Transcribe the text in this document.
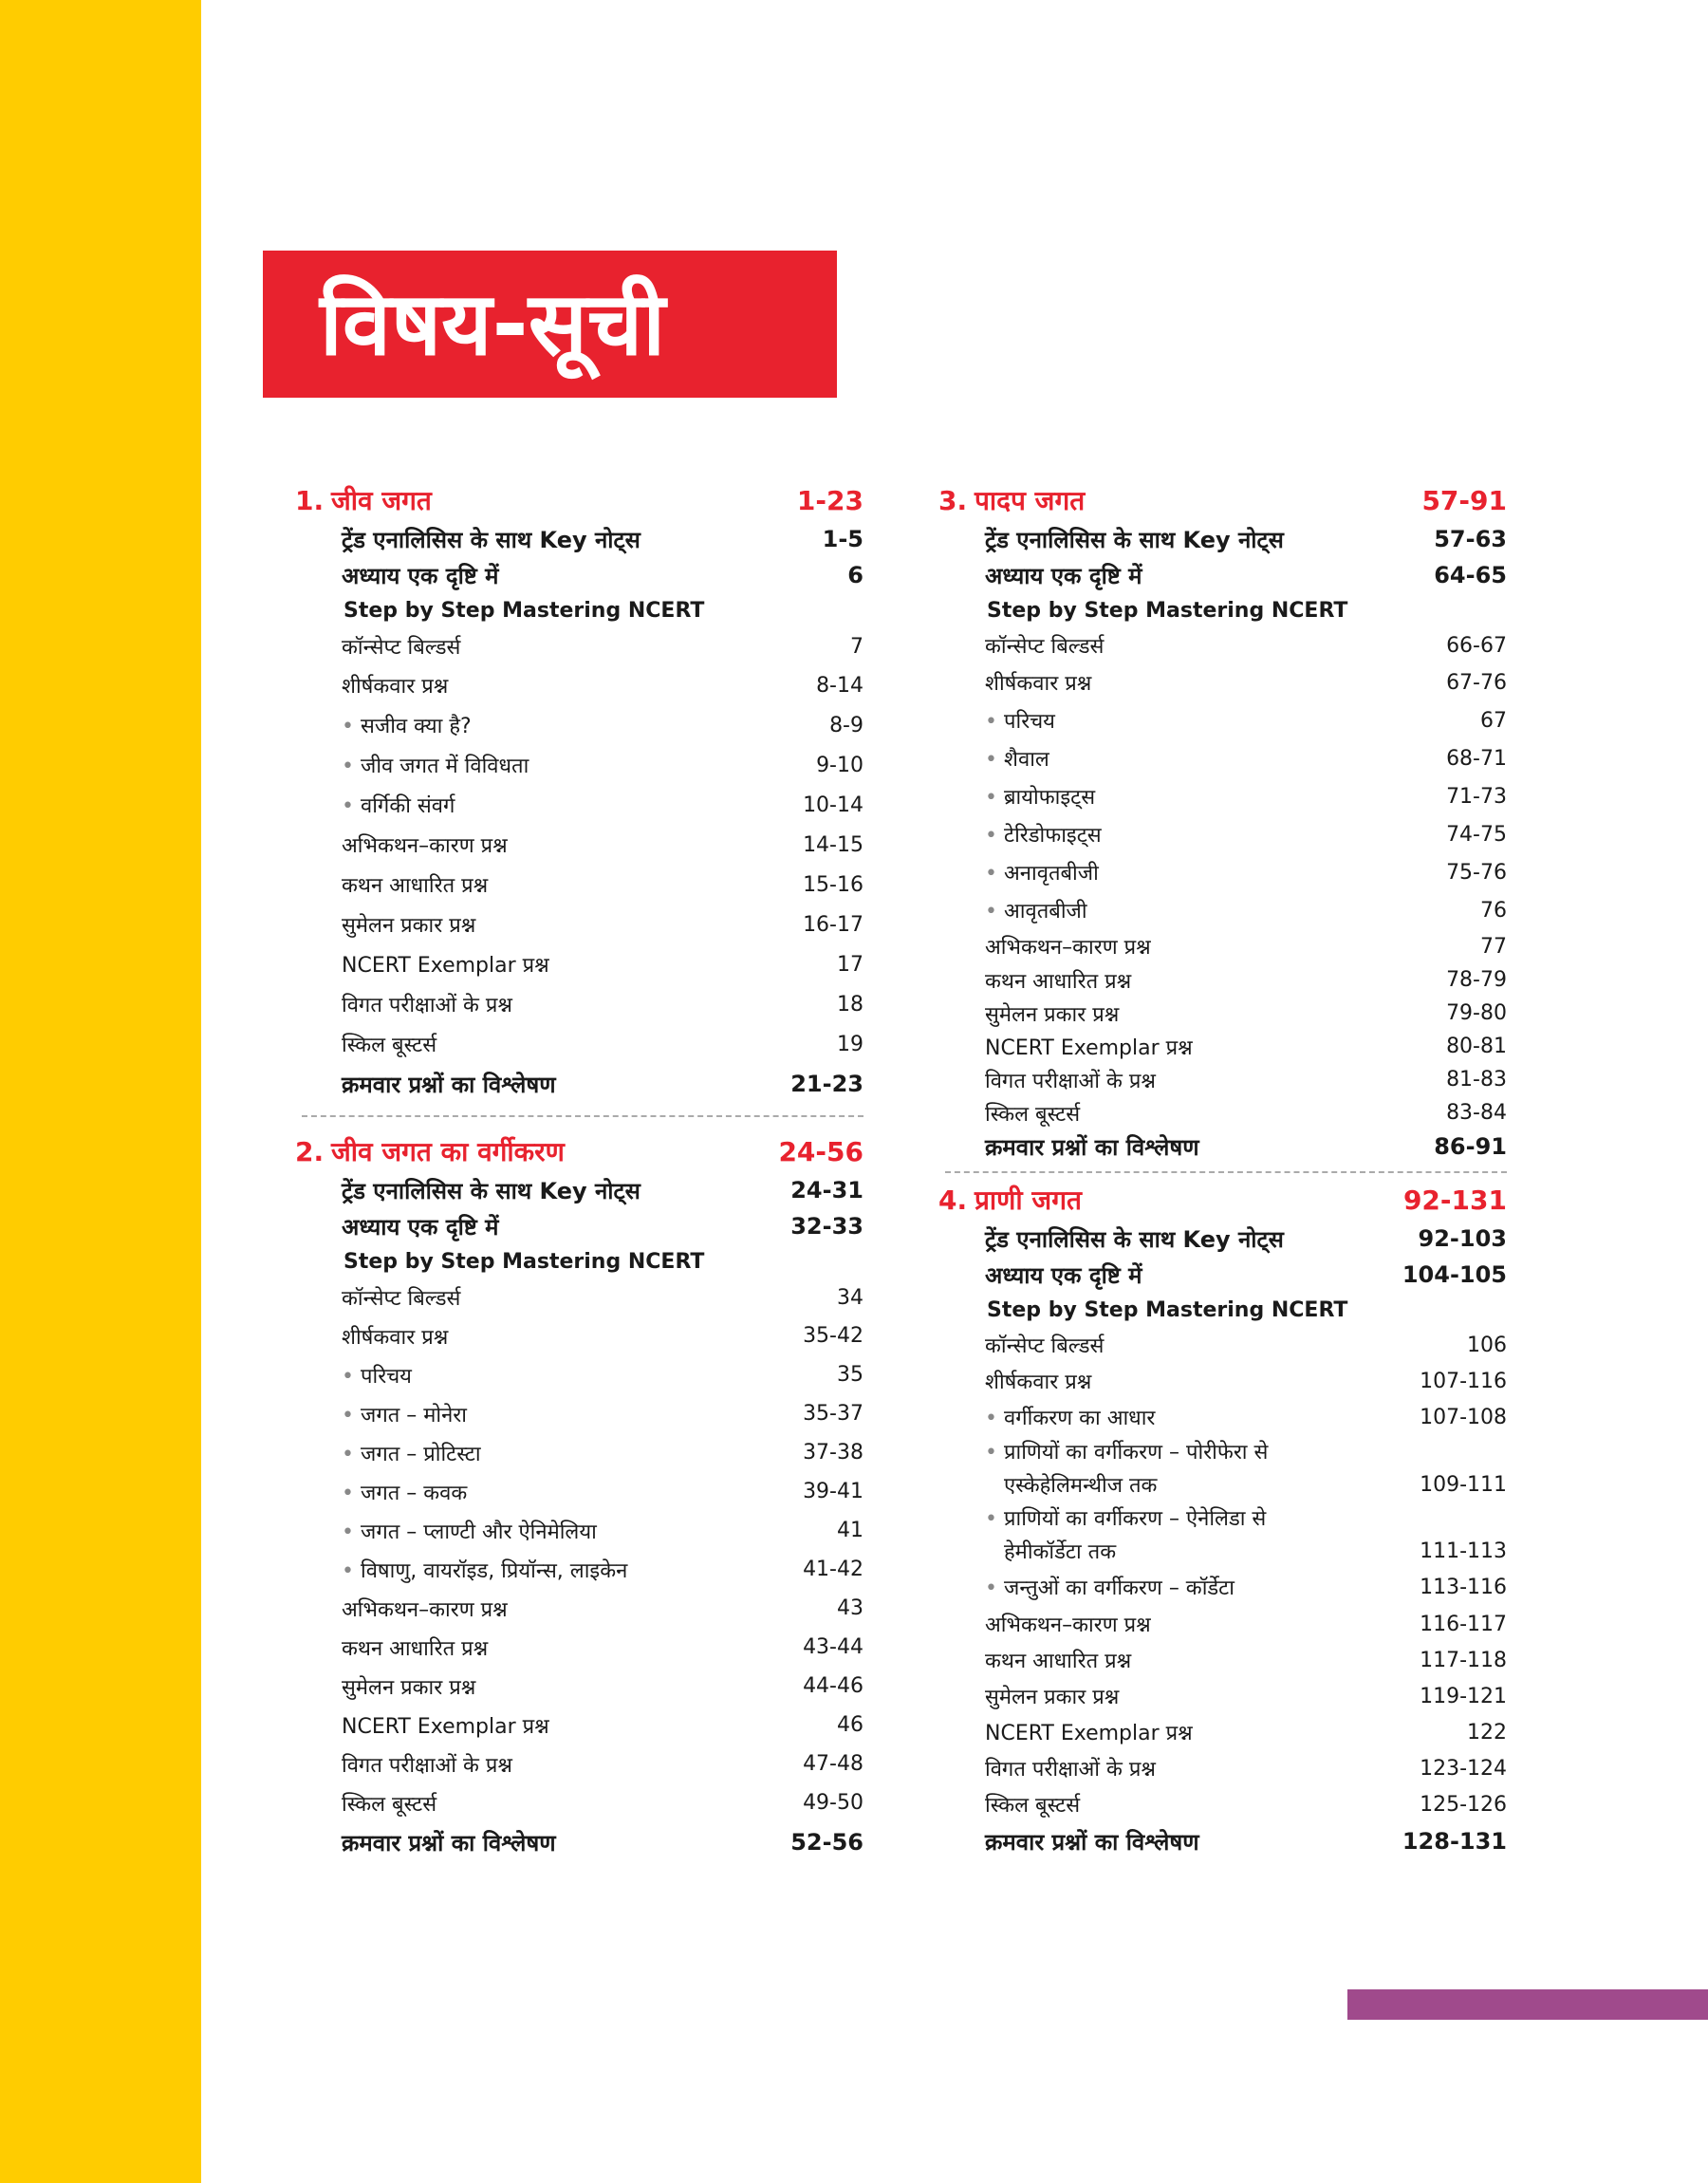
विषय-सूची
1. जीव जगत	1-23
ट्रेंड एनालिसिस के साथ Key नोट्स	1-5
अध्याय एक दृष्टि में	6
Step by Step Mastering NCERT
कॉन्सेप्ट बिल्डर्स	7
शीर्षकवार प्रश्न	8-14
• सजीव क्या है?	8-9
• जीव जगत में विविधता	9-10
• वर्गिकी संवर्ग	10-14
अभिकथन–कारण प्रश्न	14-15
कथन आधारित प्रश्न	15-16
सुमेलन प्रकार प्रश्न	16-17
NCERT Exemplar प्रश्न	17
विगत परीक्षाओं के प्रश्न	18
स्किल बूस्टर्स	19
क्रमवार प्रश्नों का विश्लेषण	21-23
2. जीव जगत का वर्गीकरण	24-56
ट्रेंड एनालिसिस के साथ Key नोट्स	24-31
अध्याय एक दृष्टि में	32-33
Step by Step Mastering NCERT
कॉन्सेप्ट बिल्डर्स	34
शीर्षकवार प्रश्न	35-42
• परिचय	35
• जगत – मोनेरा	35-37
• जगत – प्रोटिस्टा	37-38
• जगत – कवक	39-41
• जगत – प्लाण्टी और ऐनिमेलिया	41
• विषाणु, वायरॉइड, प्रियॉन्स, लाइकेन	41-42
अभिकथन–कारण प्रश्न	43
कथन आधारित प्रश्न	43-44
सुमेलन प्रकार प्रश्न	44-46
NCERT Exemplar प्रश्न	46
विगत परीक्षाओं के प्रश्न	47-48
स्किल बूस्टर्स	49-50
क्रमवार प्रश्नों का विश्लेषण	52-56
3. पादप जगत	57-91
ट्रेंड एनालिसिस के साथ Key नोट्स	57-63
अध्याय एक दृष्टि में	64-65
Step by Step Mastering NCERT
कॉन्सेप्ट बिल्डर्स	66-67
शीर्षकवार प्रश्न	67-76
• परिचय	67
• शैवाल	68-71
• ब्रायोफाइट्स	71-73
• टेरिडोफाइट्स	74-75
• अनावृतबीजी	75-76
• आवृतबीजी	76
अभिकथन–कारण प्रश्न	77
कथन आधारित प्रश्न	78-79
सुमेलन प्रकार प्रश्न	79-80
NCERT Exemplar प्रश्न	80-81
विगत परीक्षाओं के प्रश्न	81-83
स्किल बूस्टर्स	83-84
क्रमवार प्रश्नों का विश्लेषण	86-91
4. प्राणी जगत	92-131
ट्रेंड एनालिसिस के साथ Key नोट्स	92-103
अध्याय एक दृष्टि में	104-105
Step by Step Mastering NCERT
कॉन्सेप्ट बिल्डर्स	106
शीर्षकवार प्रश्न	107-116
• वर्गीकरण का आधार	107-108
• प्राणियों का वर्गीकरण – पोरीफेरा से
एस्केहेलिमन्थीज तक	109-111
• प्राणियों का वर्गीकरण – ऐनेलिडा से
हेमीकॉर्डेटा तक	111-113
• जन्तुओं का वर्गीकरण – कॉर्डेटा	113-116
अभिकथन–कारण प्रश्न	116-117
कथन आधारित प्रश्न	117-118
सुमेलन प्रकार प्रश्न	119-121
NCERT Exemplar प्रश्न	122
विगत परीक्षाओं के प्रश्न	123-124
स्किल बूस्टर्स	125-126
क्रमवार प्रश्नों का विश्लेषण	128-131
